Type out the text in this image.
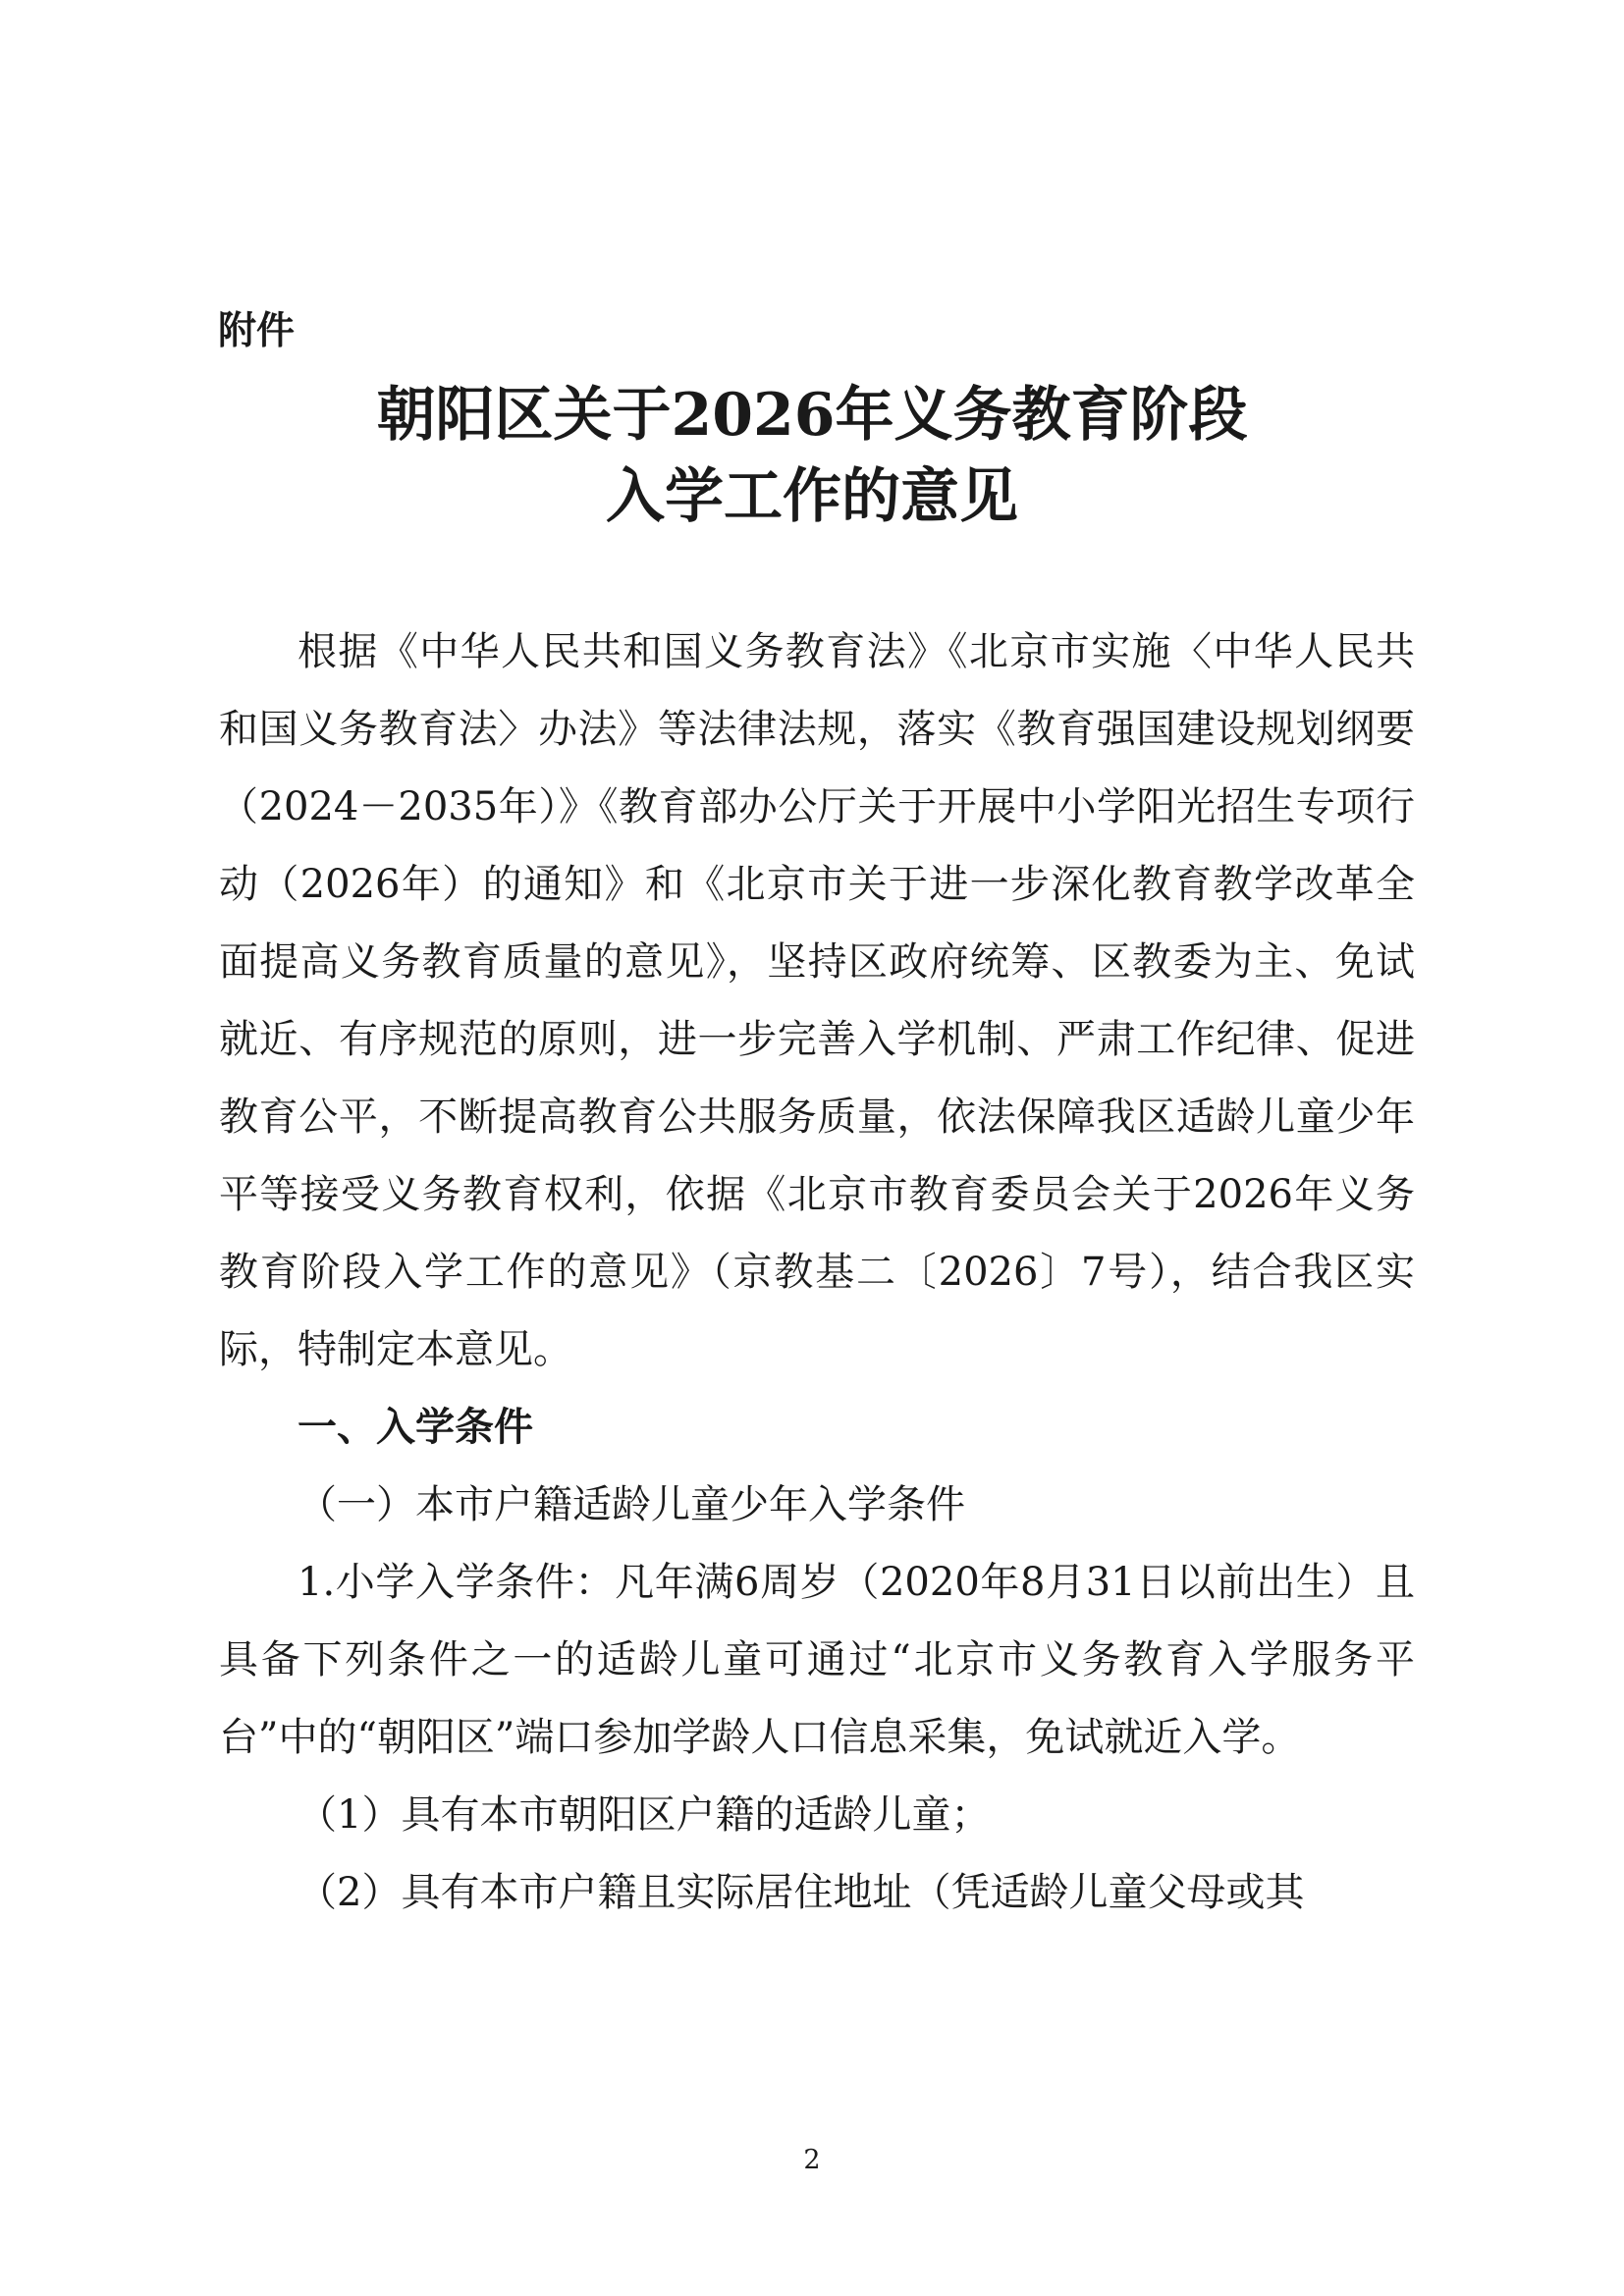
附件
朝阳区关于2026年义务教育阶段
入学工作的意见

根据《中华人民共和国义务教育法》《北京市实施〈中华人民共和国义务教育法〉办法》等法律法规，落实《教育强国建设规划纲要（2024－2035年）》《教育部办公厅关于开展中小学阳光招生专项行动（2026年）的通知》和《北京市关于进一步深化教育教学改革全面提高义务教育质量的意见》，坚持区政府统筹、区教委为主、免试就近、有序规范的原则，进一步完善入学机制、严肃工作纪律、促进教育公平，不断提高教育公共服务质量，依法保障我区适龄儿童少年平等接受义务教育权利，依据《北京市教育委员会关于2026年义务教育阶段入学工作的意见》（京教基二〔2026〕7号），结合我区实际，特制定本意见。

一、入学条件

（一）本市户籍适龄儿童少年入学条件

1.小学入学条件：凡年满6周岁（2020年8月31日以前出生）且具备下列条件之一的适龄儿童可通过“北京市义务教育入学服务平台”中的“朝阳区”端口参加学龄人口信息采集，免试就近入学。

（1）具有本市朝阳区户籍的适龄儿童；

（2）具有本市户籍且实际居住地址（凭适龄儿童父母或其

2
